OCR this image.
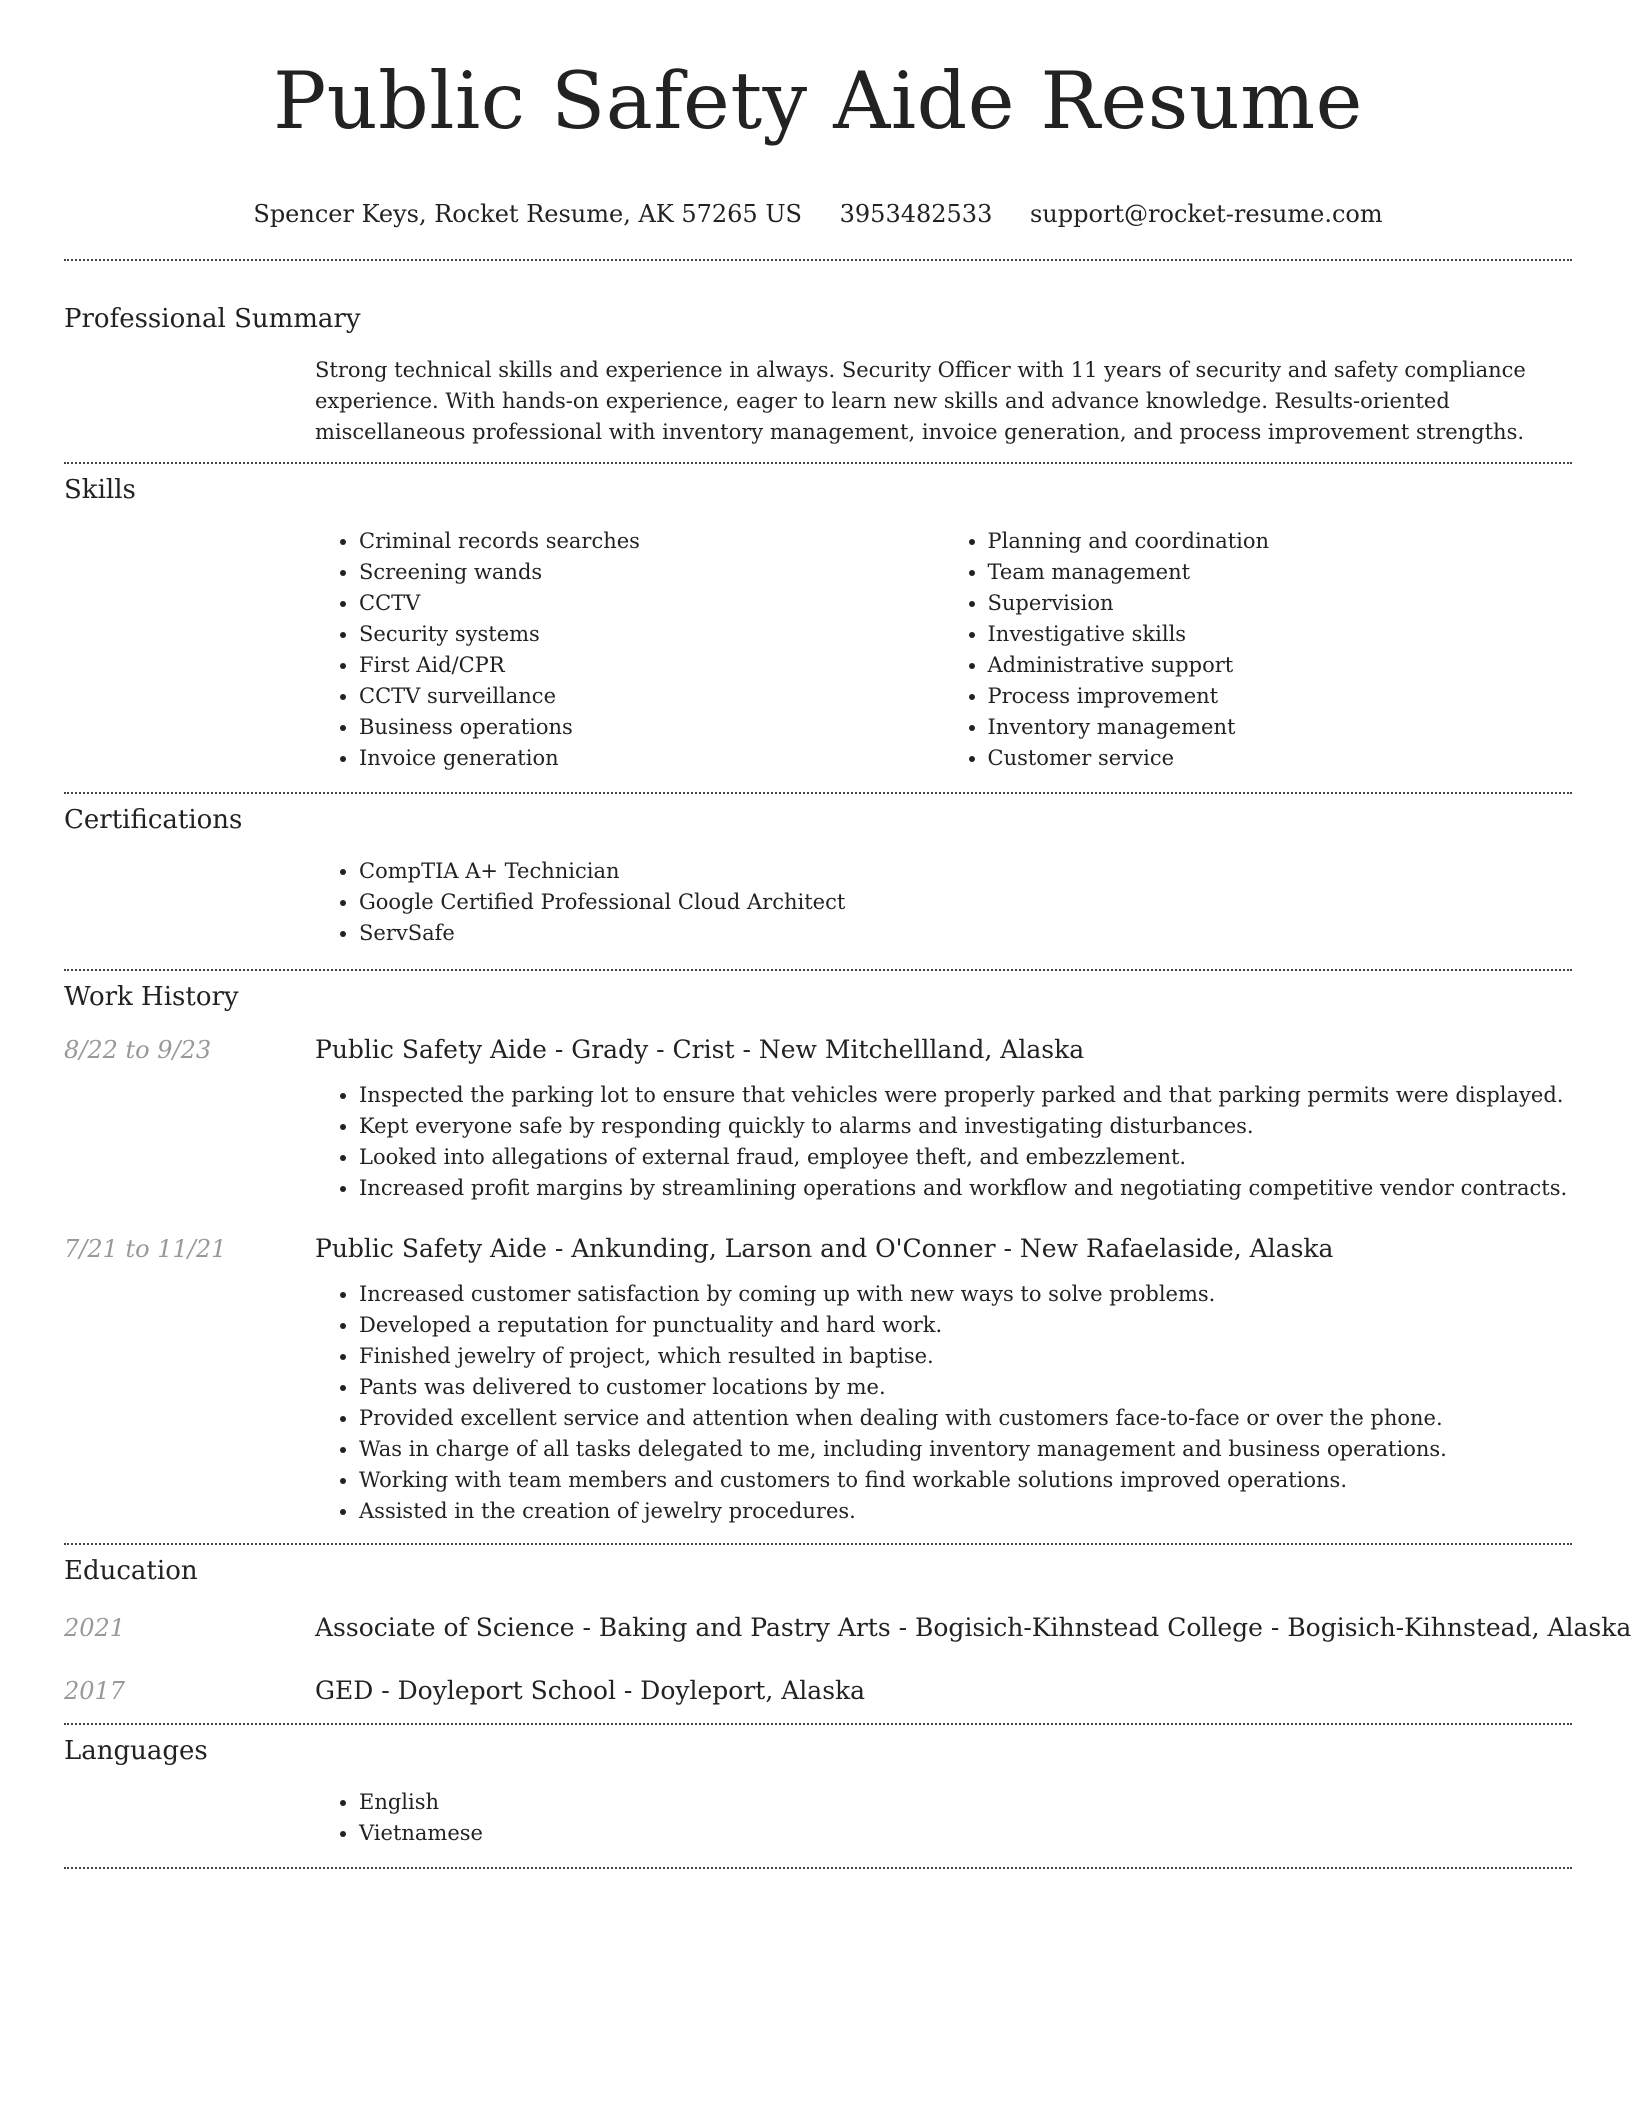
Public Safety Aide Resume
Spencer Keys, Rocket Resume, AK 57265 US 3953482533 support@rocket-resume.com
Professional Summary
Strong technical skills and experience in always. Security Officer with 11 years of security and safety compliance experience. With hands-on experience, eager to learn new skills and advance knowledge. Results-oriented miscellaneous professional with inventory management, invoice generation, and process improvement strengths.
Skills
• Criminal records searches
• Screening wands
• CCTV
• Security systems
• First Aid/CPR
• CCTV surveillance
• Business operations
• Invoice generation
• Planning and coordination
• Team management
• Supervision
• Investigative skills
• Administrative support
• Process improvement
• Inventory management
• Customer service
Certifications
• CompTIA A+ Technician
• Google Certified Professional Cloud Architect
• ServSafe
Work History
8/22 to 9/23	Public Safety Aide - Grady - Crist - New Mitchellland, Alaska
• Inspected the parking lot to ensure that vehicles were properly parked and that parking permits were displayed.
• Kept everyone safe by responding quickly to alarms and investigating disturbances.
• Looked into allegations of external fraud, employee theft, and embezzlement.
• Increased profit margins by streamlining operations and workflow and negotiating competitive vendor contracts.
7/21 to 11/21	Public Safety Aide - Ankunding, Larson and O'Conner - New Rafaelaside, Alaska
• Increased customer satisfaction by coming up with new ways to solve problems.
• Developed a reputation for punctuality and hard work.
• Finished jewelry of project, which resulted in baptise.
• Pants was delivered to customer locations by me.
• Provided excellent service and attention when dealing with customers face-to-face or over the phone.
• Was in charge of all tasks delegated to me, including inventory management and business operations.
• Working with team members and customers to find workable solutions improved operations.
• Assisted in the creation of jewelry procedures.
Education
2021	Associate of Science - Baking and Pastry Arts - Bogisich-Kihnstead College - Bogisich-Kihnstead, Alaska
2017	GED - Doyleport School - Doyleport, Alaska
Languages
• English
• Vietnamese
